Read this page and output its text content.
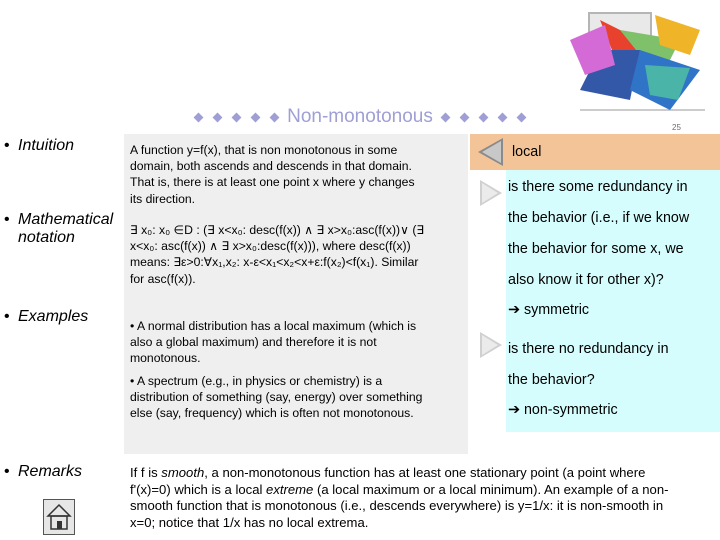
Non-monotonous
25
• Intuition
• Mathematical
notation
• Examples
• Remarks
A function y=f(x), that is non monotonous in some
domain, both ascends and descends in that domain.
That is, there is at least one point x where y changes
its direction.
∃ x₀: x₀ ∈D : (∃ x<x₀: desc(f(x)) ∧ ∃ x>x₀:asc(f(x))∨ (∃
x<x₀: asc(f(x)) ∧ ∃ x>x₀:desc(f(x))), where desc(f(x))
means: ∃ε>0:∀x₁,x₂: x-ε<x₁<x₂<x+ε:f(x₂)<f(x₁). Similar
for asc(f(x)).
• A normal distribution has a local maximum (which is
also a global maximum) and therefore it is not
monotonous.
• A spectrum (e.g., in physics or chemistry) is a
distribution of something (say, energy) over something
else (say, frequency) which is often not monotonous.
local
is there some redundancy in
the behavior (i.e., if we know
the behavior for some x, we
also know it for other x)?
➔ symmetric
is there no redundancy in
the behavior?
➔ non-symmetric
If f is smooth, a non-monotonous function has at least one stationary point (a point where
f'(x)=0) which is a local extreme (a local maximum or a local minimum). An example of a non-
smooth function that is monotonous (i.e., descends everywhere) is y=1/x: it is non-smooth in
x=0; notice that 1/x has no local extrema.
